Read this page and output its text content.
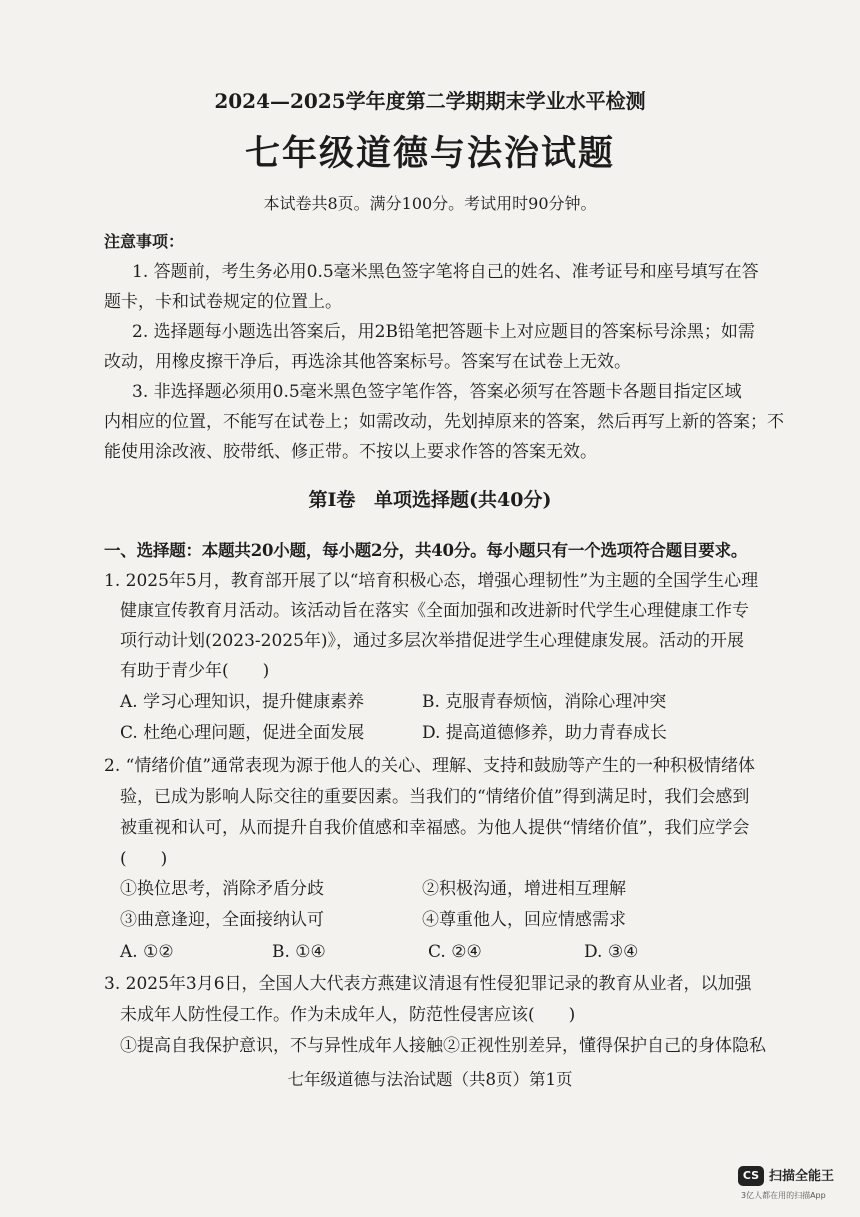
2024—2025学年度第二学期期末学业水平检测
七年级道德与法治试题
本试卷共8页。满分100分。考试用时90分钟。
注意事项：
1. 答题前，考生务必用0.5毫米黑色签字笔将自己的姓名、准考证号和座号填写在答
题卡，卡和试卷规定的位置上。
2. 选择题每小题选出答案后，用2B铅笔把答题卡上对应题目的答案标号涂黑；如需
改动，用橡皮擦干净后，再选涂其他答案标号。答案写在试卷上无效。
3. 非选择题必须用0.5毫米黑色签字笔作答，答案必须写在答题卡各题目指定区域
内相应的位置，不能写在试卷上；如需改动，先划掉原来的答案，然后再写上新的答案；不
能使用涂改液、胶带纸、修正带。不按以上要求作答的答案无效。
第Ⅰ卷 单项选择题(共40分)
一、选择题：本题共20小题，每小题2分，共40分。每小题只有一个选项符合题目要求。
1. 2025年5月，教育部开展了以“培育积极心态，增强心理韧性”为主题的全国学生心理
健康宣传教育月活动。该活动旨在落实《全面加强和改进新时代学生心理健康工作专
项行动计划(2023-2025年)》，通过多层次举措促进学生心理健康发展。活动的开展
有助于青少年(　　)
A. 学习心理知识，提升健康素养	B. 克服青春烦恼，消除心理冲突
C. 杜绝心理问题，促进全面发展	D. 提高道德修养，助力青春成长
2. “情绪价值”通常表现为源于他人的关心、理解、支持和鼓励等产生的一种积极情绪体
验，已成为影响人际交往的重要因素。当我们的“情绪价值”得到满足时，我们会感到
被重视和认可，从而提升自我价值感和幸福感。为他人提供“情绪价值”，我们应学会
(　　)
①换位思考，消除矛盾分歧	②积极沟通，增进相互理解
③曲意逢迎，全面接纳认可	④尊重他人，回应情感需求
A. ①②	B. ①④	C. ②④	D. ③④
3. 2025年3月6日，全国人大代表方燕建议清退有性侵犯罪记录的教育从业者，以加强
未成年人防性侵工作。作为未成年人，防范性侵害应该(　　)
①提高自我保护意识，不与异性成年人接触②正视性别差异，懂得保护自己的身体隐私
七年级道德与法治试题（共8页）第1页
CS 扫描全能王
3亿人都在用的扫描App
